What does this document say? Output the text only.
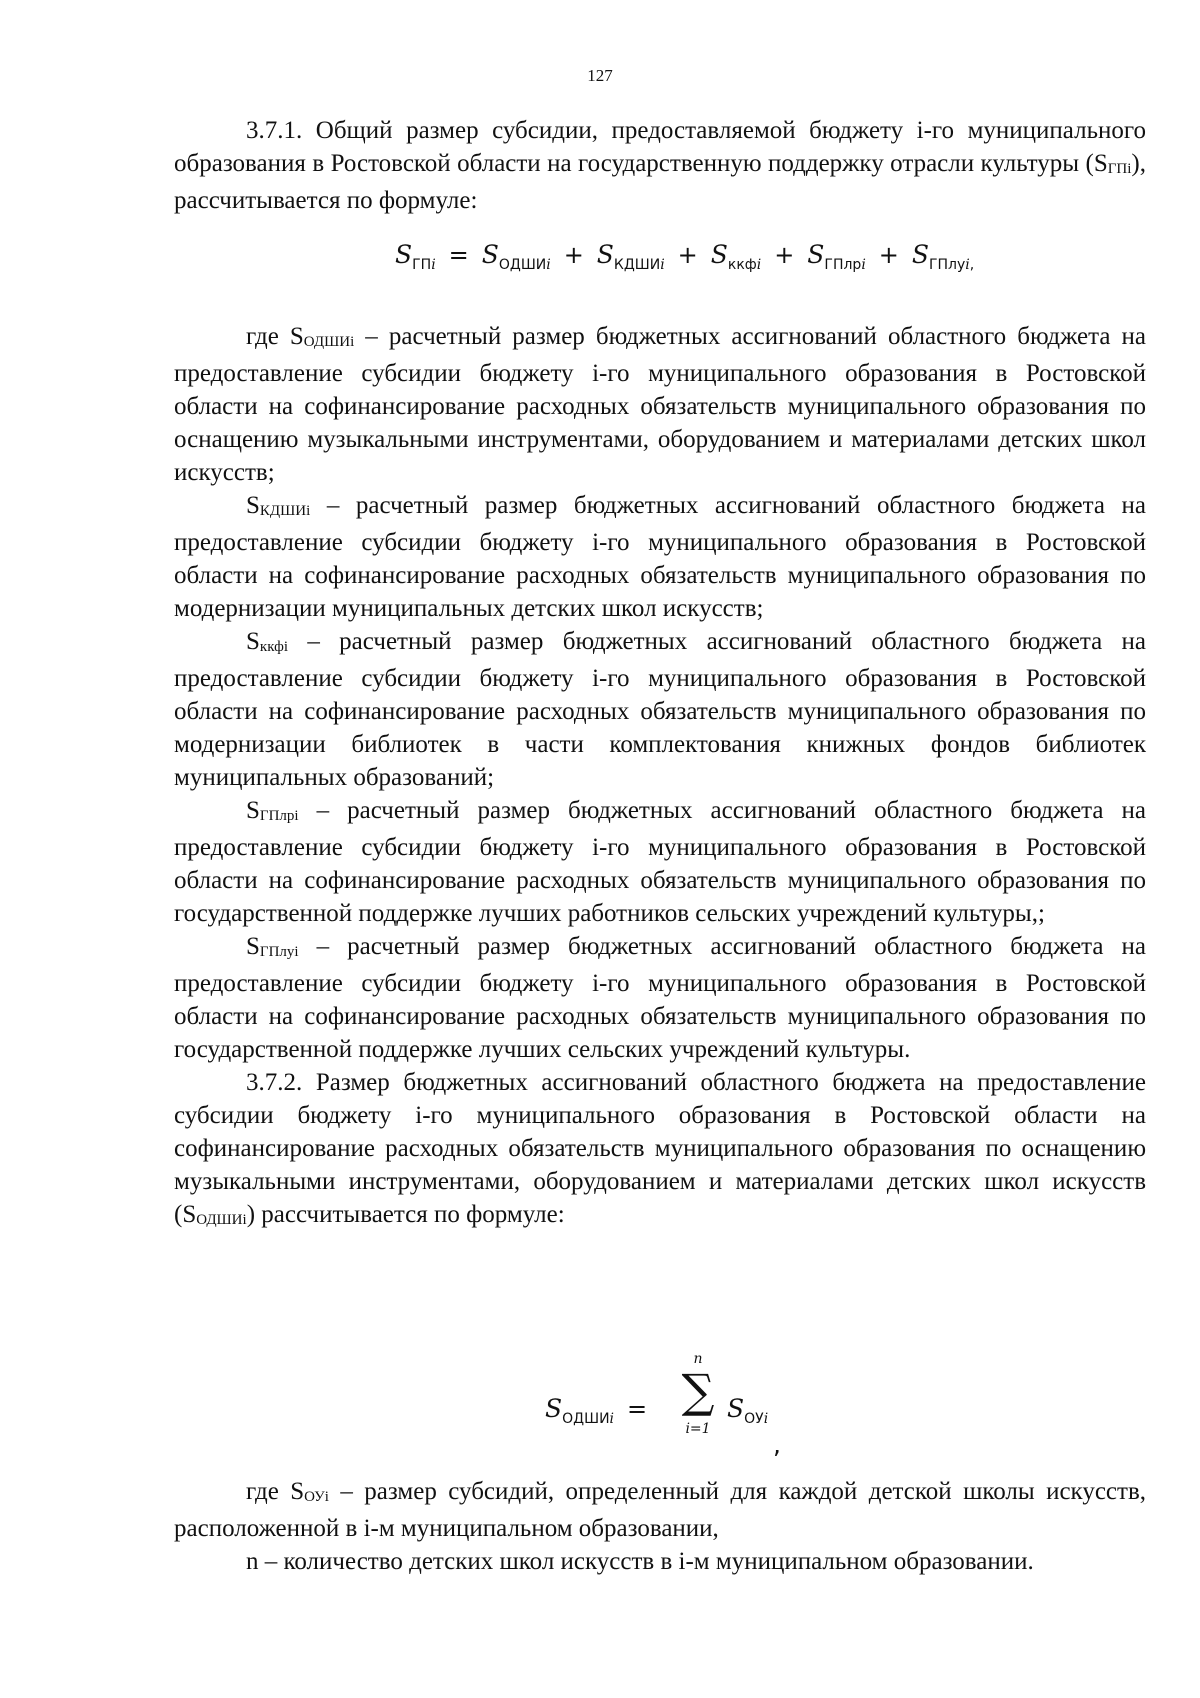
127

3.7.1. Общий размер субсидии, предоставляемой бюджету i-го муниципального образования в Ростовской области на государственную поддержку отрасли культуры (SГПi), рассчитывается по формуле:

$S_{ГПi} = S_{ОДШИi} + S_{КДШИi} + S_{ккфi} + S_{ГПлрi} + S_{ГПлуi,}$

где SОДШИi – расчетный размер бюджетных ассигнований областного бюджета на предоставление субсидии бюджету i-го муниципального образования в Ростовской области на софинансирование расходных обязательств муниципального образования по оснащению музыкальными инструментами, оборудованием и материалами детских школ искусств;

SКДШИi – расчетный размер бюджетных ассигнований областного бюджета на предоставление субсидии бюджету i-го муниципального образования в Ростовской области на софинансирование расходных обязательств муниципального образования по модернизации муниципальных детских школ искусств;

Sккфi – расчетный размер бюджетных ассигнований областного бюджета на предоставление субсидии бюджету i-го муниципального образования в Ростовской области на софинансирование расходных обязательств муниципального образования по модернизации библиотек в части комплектования книжных фондов библиотек муниципальных образований;

SГПлрi – расчетный размер бюджетных ассигнований областного бюджета на предоставление субсидии бюджету i-го муниципального образования в Ростовской области на софинансирование расходных обязательств муниципального образования по государственной поддержке лучших работников сельских учреждений культуры,;

SГПлуi – расчетный размер бюджетных ассигнований областного бюджета на предоставление субсидии бюджету i-го муниципального образования в Ростовской области на софинансирование расходных обязательств муниципального образования по государственной поддержке лучших сельских учреждений культуры.

3.7.2. Размер бюджетных ассигнований областного бюджета на предоставление субсидии бюджету i-го муниципального образования в Ростовской области на софинансирование расходных обязательств муниципального образования по оснащению музыкальными инструментами, оборудованием и материалами детских школ искусств (SОДШИi) рассчитывается по формуле:

$S_{ОДШИi}$ =
n
∑
i=1
$S_{ОУi}$
,

где SОУi – размер субсидий, определенный для каждой детской школы искусств, расположенной в i-м муниципальном образовании,

n – количество детских школ искусств в i-м муниципальном образовании.
